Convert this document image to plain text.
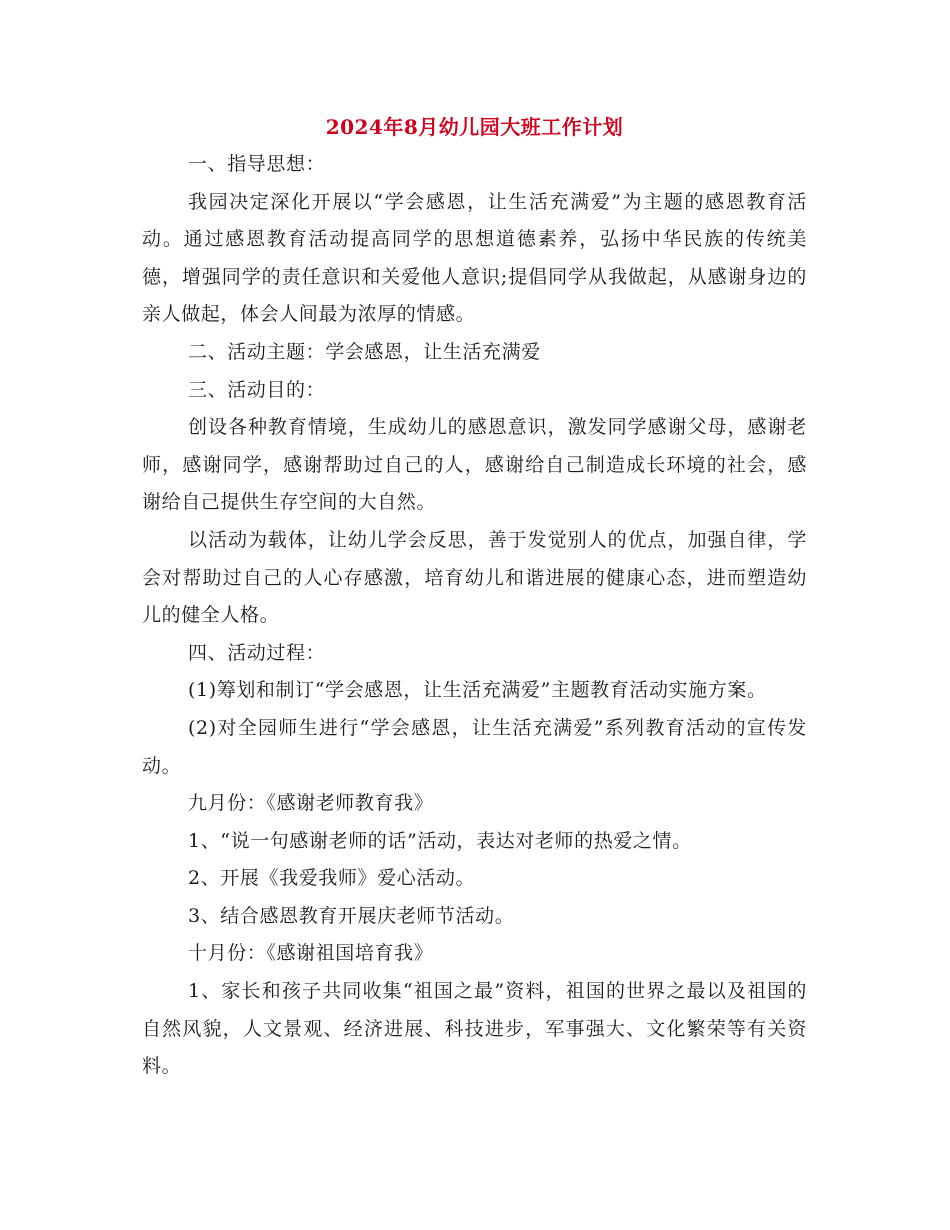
2024年8月幼儿园大班工作计划

一、指导思想：

我园决定深化开展以“学会感恩，让生活充满爱”为主题的感恩教育活动。通过感恩教育活动提高同学的思想道德素养，弘扬中华民族的传统美德，增强同学的责任意识和关爱他人意识;提倡同学从我做起，从感谢身边的亲人做起，体会人间最为浓厚的情感。

二、活动主题：学会感恩，让生活充满爱

三、活动目的：

创设各种教育情境，生成幼儿的感恩意识，激发同学感谢父母，感谢老师，感谢同学，感谢帮助过自己的人，感谢给自己制造成长环境的社会，感谢给自己提供生存空间的大自然。

以活动为载体，让幼儿学会反思，善于发觉别人的优点，加强自律，学会对帮助过自己的人心存感激，培育幼儿和谐进展的健康心态，进而塑造幼儿的健全人格。

四、活动过程：

(1)筹划和制订“学会感恩，让生活充满爱”主题教育活动实施方案。

(2)对全园师生进行“学会感恩，让生活充满爱”系列教育活动的宣传发动。

九月份：《感谢老师教育我》

1、“说一句感谢老师的话”活动，表达对老师的热爱之情。

2、开展《我爱我师》爱心活动。

3、结合感恩教育开展庆老师节活动。

十月份：《感谢祖国培育我》

1、家长和孩子共同收集“祖国之最”资料，祖国的世界之最以及祖国的自然风貌，人文景观、经济进展、科技进步，军事强大、文化繁荣等有关资料。
